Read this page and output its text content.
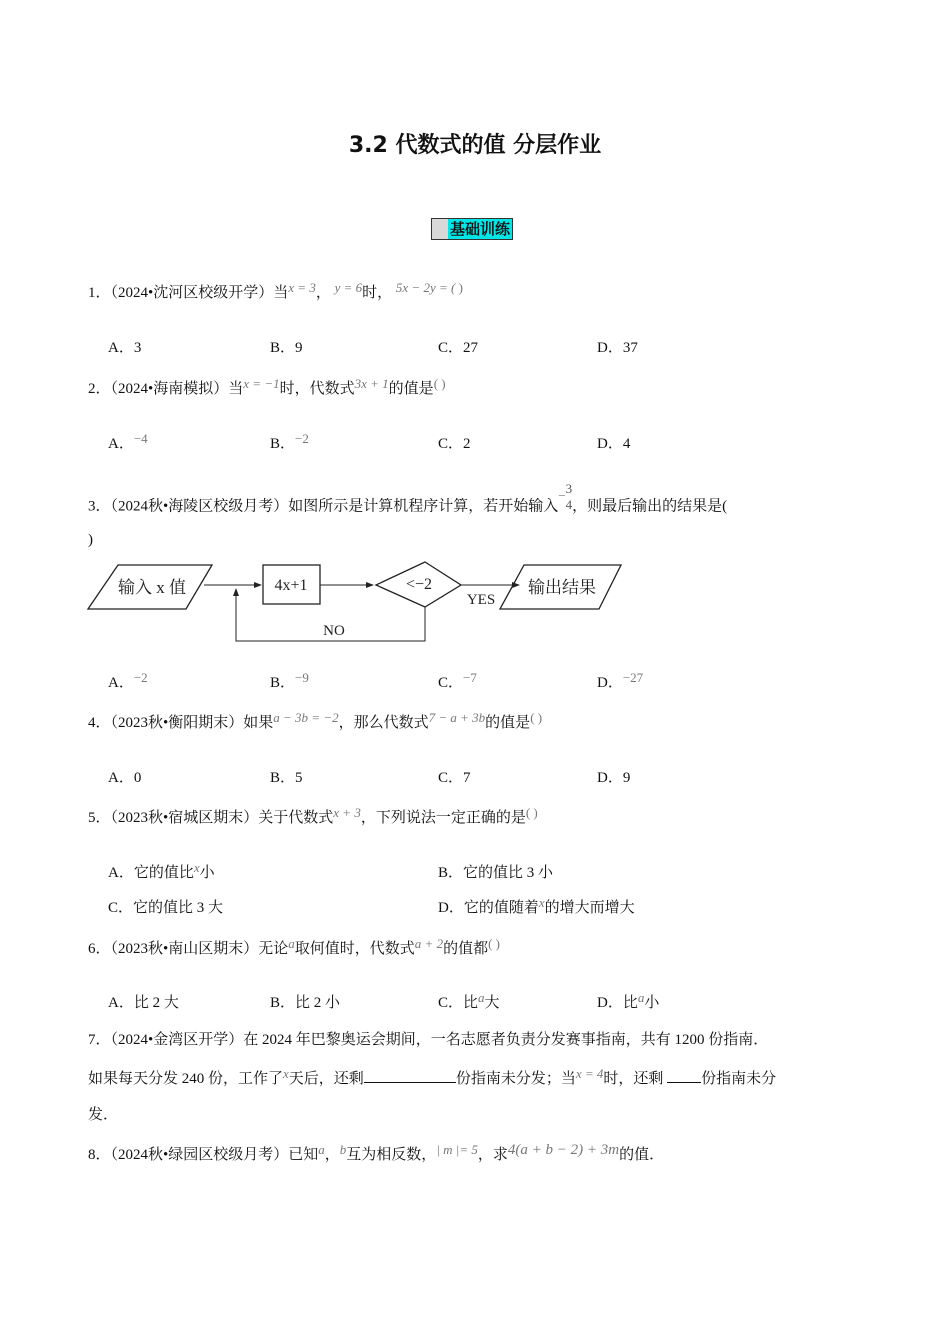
3.2 代数式的值 分层作业
基础训练
1．（2024•沈河区校级开学）当x = 3， y = 6时， 5x − 2y = ( )
A．3	B．9	C．27	D．37
2．（2024•海南模拟）当x = −1时，代数式3x + 1的值是( )
A．−4	B．−2	C．2	D．4
3．（2024秋•海陵区校级月考）如图所示是计算机程序计算，若开始输入− 3
4 ，则最后输出的结果是(
)
输入 x 值	4x+1	<−2
YES
输出结果
NO
A．−2	B．−9	C．−7	D．−27
4．（2023秋•衡阳期末）如果a − 3b = −2，那么代数式7 − a + 3b的值是( )
A．0	B．5	C．7	D．9
5．（2023秋•宿城区期末）关于代数式x + 3，下列说法一定正确的是( )
A．它的值比x小	B．它的值比 3 小
C．它的值比 3 大	D．它的值随着x的增大而增大
6．（2023秋•南山区期末）无论a取何值时，代数式a + 2的值都( )
A．比 2 大	B．比 2 小	C．比a大	D．比a小
7．（2024•金湾区开学）在 2024 年巴黎奥运会期间，一名志愿者负责分发赛事指南，共有 1200 份指南．
如果每天分发 240 份，工作了x天后，还剩	份指南未分发；当x = 4时，还剩 份指南未分
发．
8．（2024秋•绿园区校级月考）已知a，b互为相反数，| m |= 5，求4(a + b − 2) + 3m的值．
